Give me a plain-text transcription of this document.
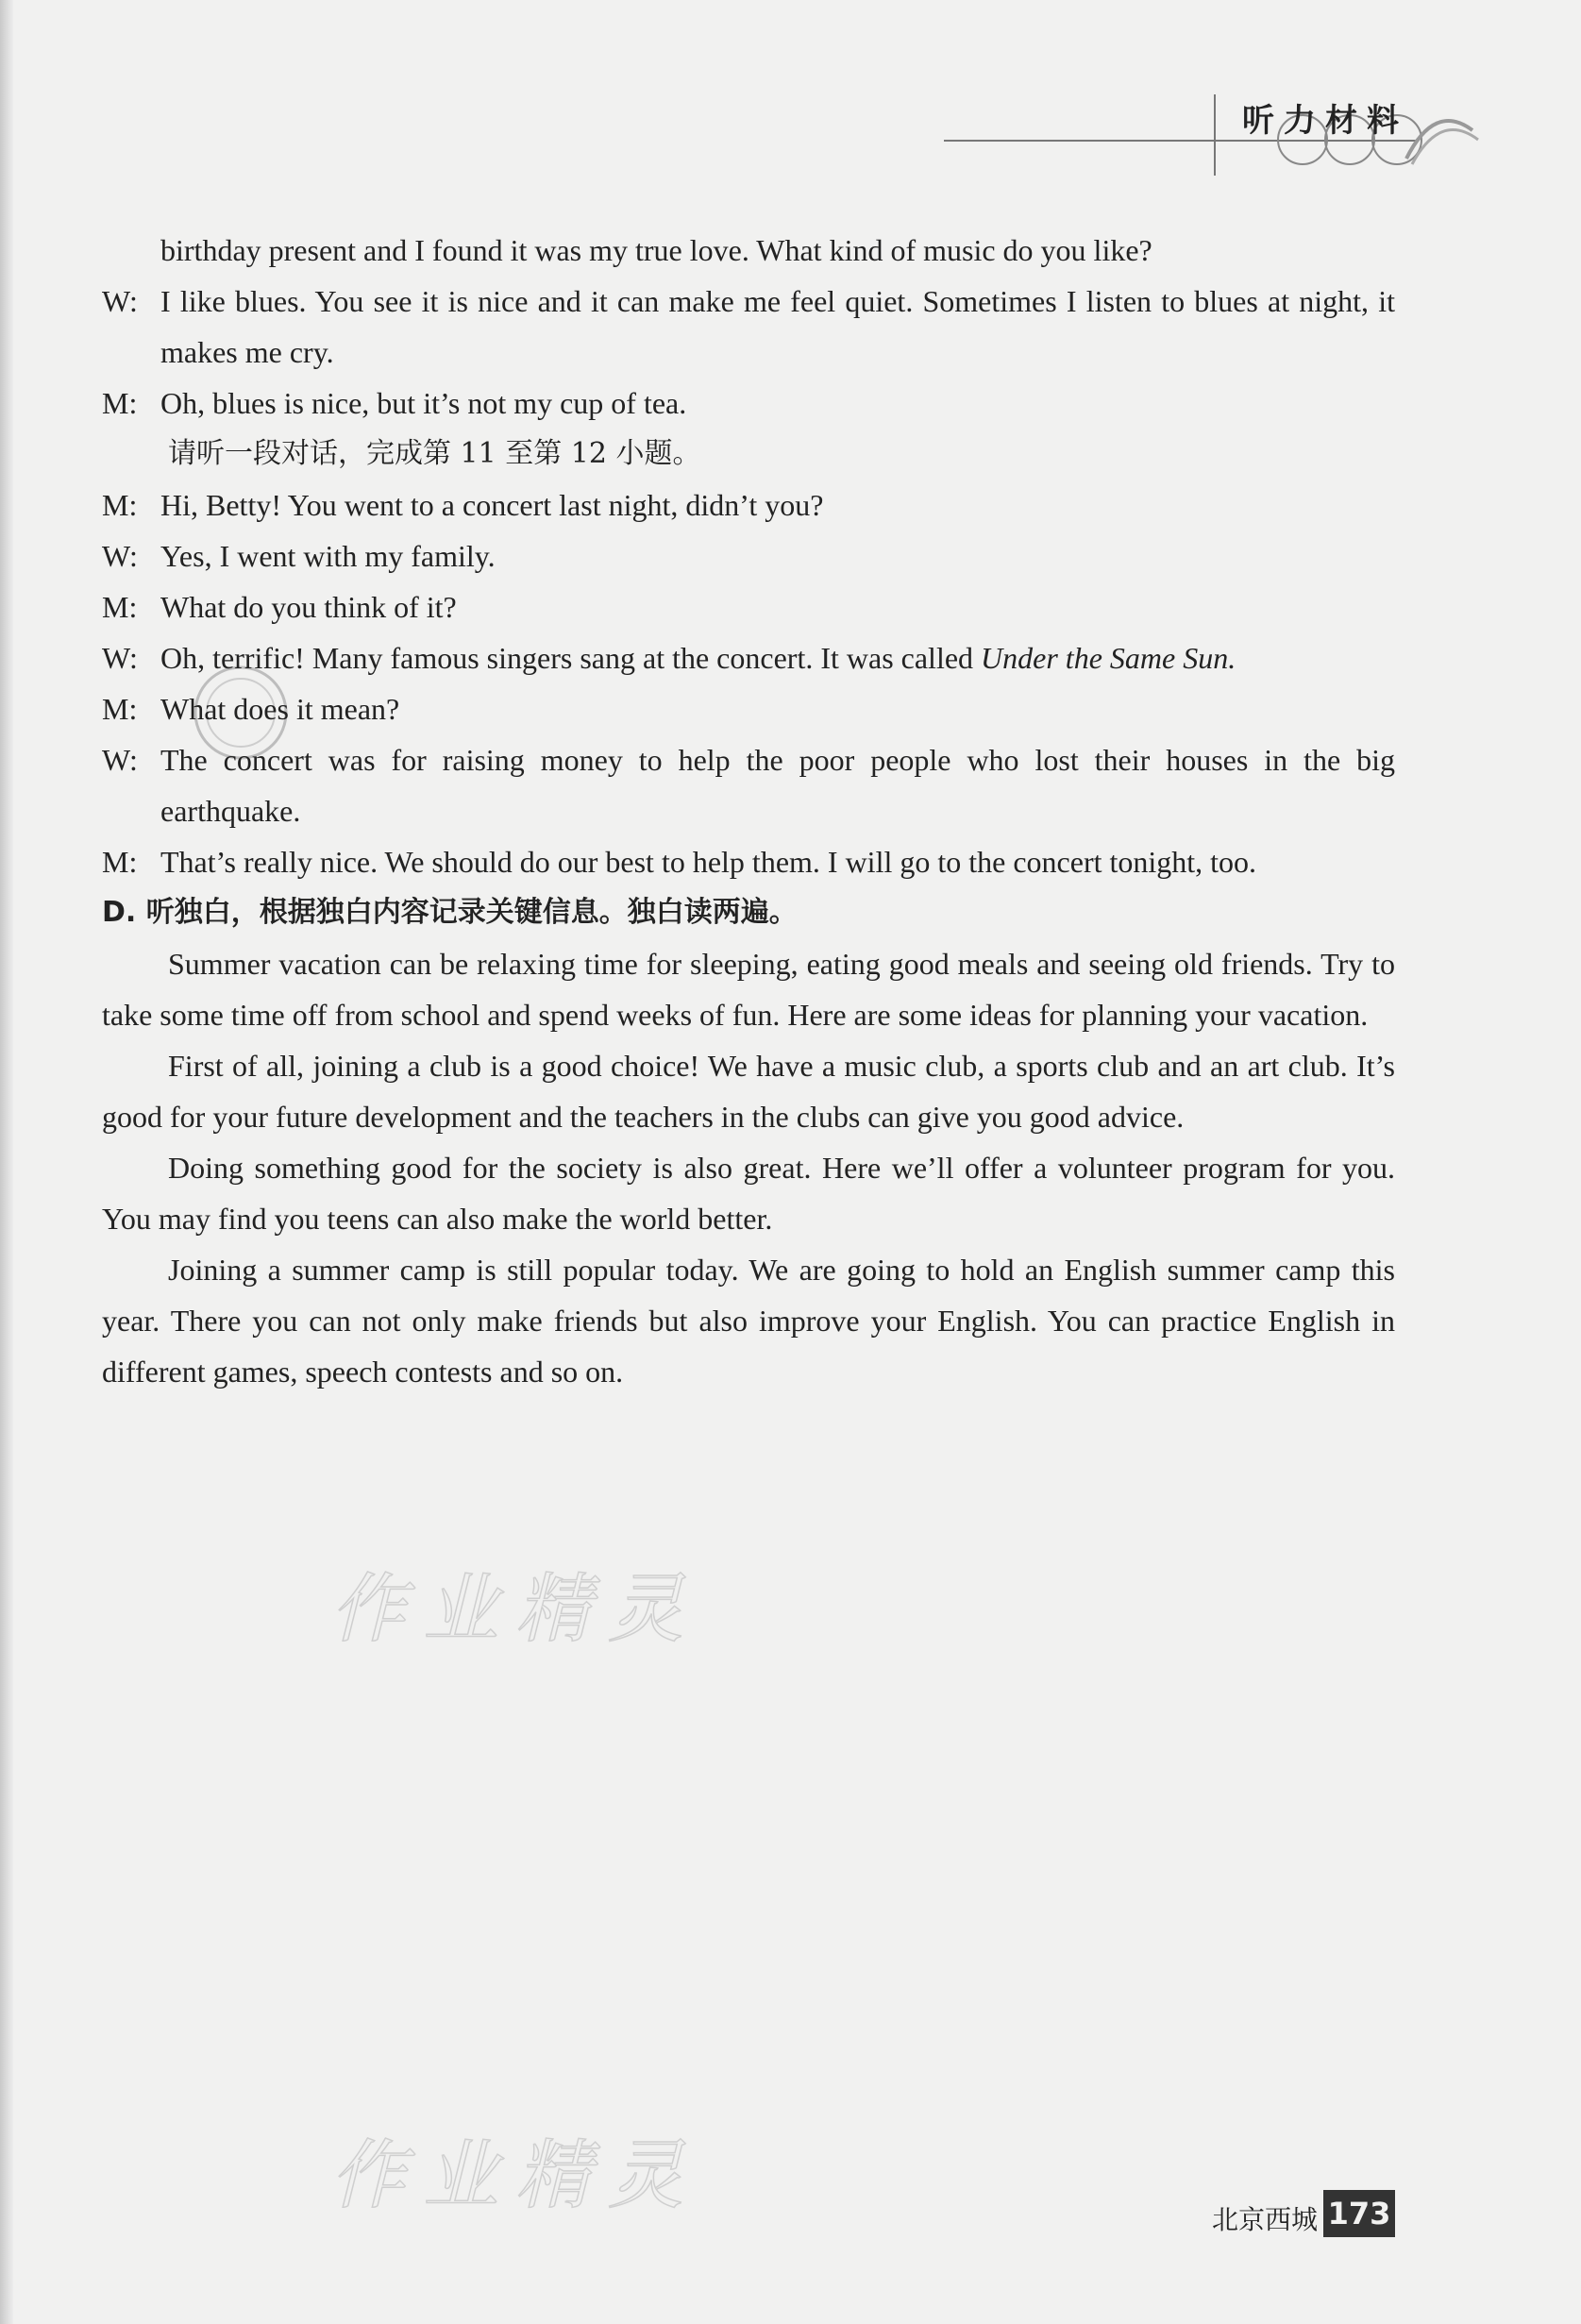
听力材料
birthday present and I found it was my true love. What kind of music do you like?
W: I like blues. You see it is nice and it can make me feel quiet. Sometimes I listen to blues at night, it makes me cry.
M: Oh, blues is nice, but it’s not my cup of tea.
请听一段对话，完成第 11 至第 12 小题。
M: Hi, Betty! You went to a concert last night, didn’t you?
W: Yes, I went with my family.
M: What do you think of it?
W: Oh, terrific! Many famous singers sang at the concert. It was called Under the Same Sun.
M: What does it mean?
W: The concert was for raising money to help the poor people who lost their houses in the big earthquake.
M: That’s really nice. We should do our best to help them. I will go to the concert tonight, too.
D. 听独白，根据独白内容记录关键信息。独白读两遍。
Summer vacation can be relaxing time for sleeping, eating good meals and seeing old friends. Try to take some time off from school and spend weeks of fun. Here are some ideas for planning your vacation.
First of all, joining a club is a good choice! We have a music club, a sports club and an art club. It’s good for your future development and the teachers in the clubs can give you good advice.
Doing something good for the society is also great. Here we’ll offer a volunteer program for you. You may find you teens can also make the world better.
Joining a summer camp is still popular today. We are going to hold an English summer camp this year. There you can not only make friends but also improve your English. You can practice English in different games, speech contests and so on.
作业精灵
作业精灵
北京西城 173
